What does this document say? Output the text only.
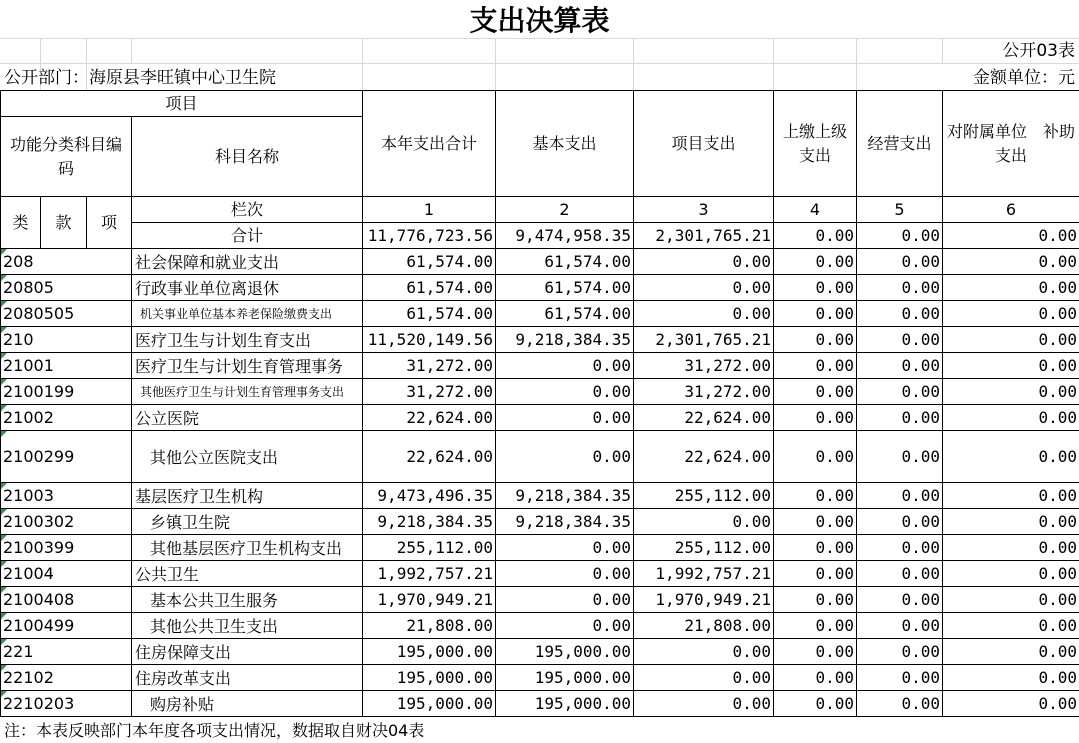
支出决算表
公开03表
公开部门：海原县李旺镇中心卫生院	金额单位：元
项目				本年支出合计	基本支出	项目支出	上缴上级支出	经营支出	对附属单位　补助支出
功能分类科目编码			科目名称						
类	款	项	栏次	1	2	3	4	5	6
			合计	11,776,723.56	9,474,958.35	2,301,765.21	0.00	0.00	0.00
208			社会保障和就业支出	61,574.00	61,574.00	0.00	0.00	0.00	0.00
20805			行政事业单位离退休	61,574.00	61,574.00	0.00	0.00	0.00	0.00
2080505			机关事业单位基本养老保险缴费支出	61,574.00	61,574.00	0.00	0.00	0.00	0.00
210			医疗卫生与计划生育支出	11,520,149.56	9,218,384.35	2,301,765.21	0.00	0.00	0.00
21001			医疗卫生与计划生育管理事务	31,272.00	0.00	31,272.00	0.00	0.00	0.00
2100199			其他医疗卫生与计划生育管理事务支出	31,272.00	0.00	31,272.00	0.00	0.00	0.00
21002			公立医院	22,624.00	0.00	22,624.00	0.00	0.00	0.00
2100299			其他公立医院支出	22,624.00	0.00	22,624.00	0.00	0.00	0.00
21003			基层医疗卫生机构	9,473,496.35	9,218,384.35	255,112.00	0.00	0.00	0.00
2100302			乡镇卫生院	9,218,384.35	9,218,384.35	0.00	0.00	0.00	0.00
2100399			其他基层医疗卫生机构支出	255,112.00	0.00	255,112.00	0.00	0.00	0.00
21004			公共卫生	1,992,757.21	0.00	1,992,757.21	0.00	0.00	0.00
2100408			基本公共卫生服务	1,970,949.21	0.00	1,970,949.21	0.00	0.00	0.00
2100499			其他公共卫生支出	21,808.00	0.00	21,808.00	0.00	0.00	0.00
221			住房保障支出	195,000.00	195,000.00	0.00	0.00	0.00	0.00
22102			住房改革支出	195,000.00	195,000.00	0.00	0.00	0.00	0.00
2210203			购房补贴	195,000.00	195,000.00	0.00	0.00	0.00	0.00
注：本表反映部门本年度各项支出情况，数据取自财决04表
